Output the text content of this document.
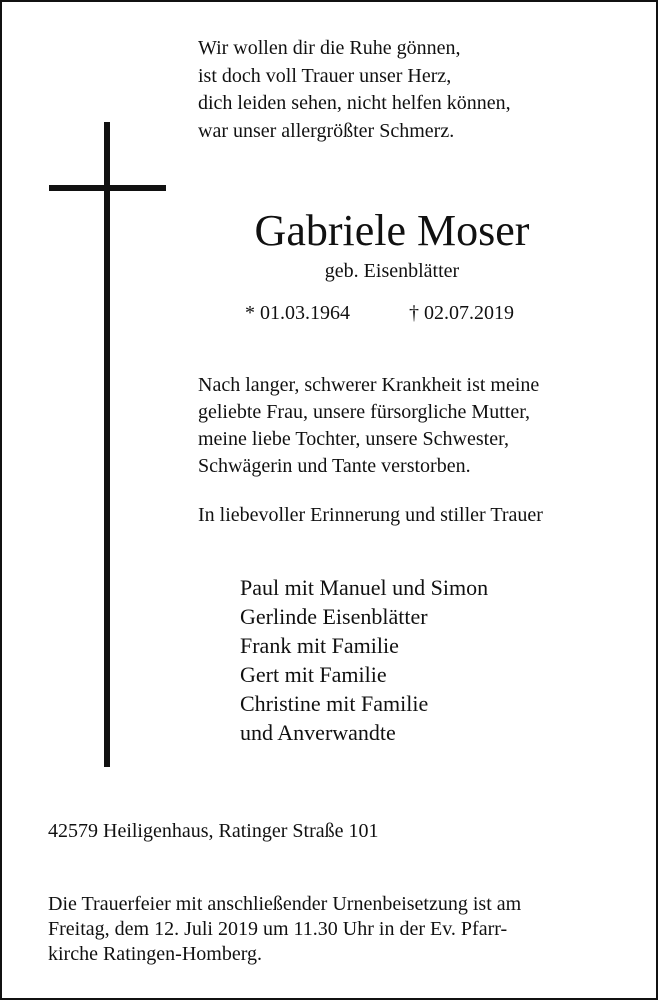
Wir wollen dir die Ruhe gönnen,
ist doch voll Trauer unser Herz,
dich leiden sehen, nicht helfen können,
war unser allergrößter Schmerz.
Gabriele Moser
geb. Eisenblätter
* 01.03.1964	† 02.07.2019
Nach langer, schwerer Krankheit ist meine
geliebte Frau, unsere fürsorgliche Mutter,
meine liebe Tochter, unsere Schwester,
Schwägerin und Tante verstorben.
In liebevoller Erinnerung und stiller Trauer
Paul mit Manuel und Simon
Gerlinde Eisenblätter
Frank mit Familie
Gert mit Familie
Christine mit Familie
und Anverwandte
42579 Heiligenhaus, Ratinger Straße 101
Die Trauerfeier mit anschließender Urnenbeisetzung ist am
Freitag, dem 12. Juli 2019 um 11.30 Uhr in der Ev. Pfarr-
kirche Ratingen-Homberg.
